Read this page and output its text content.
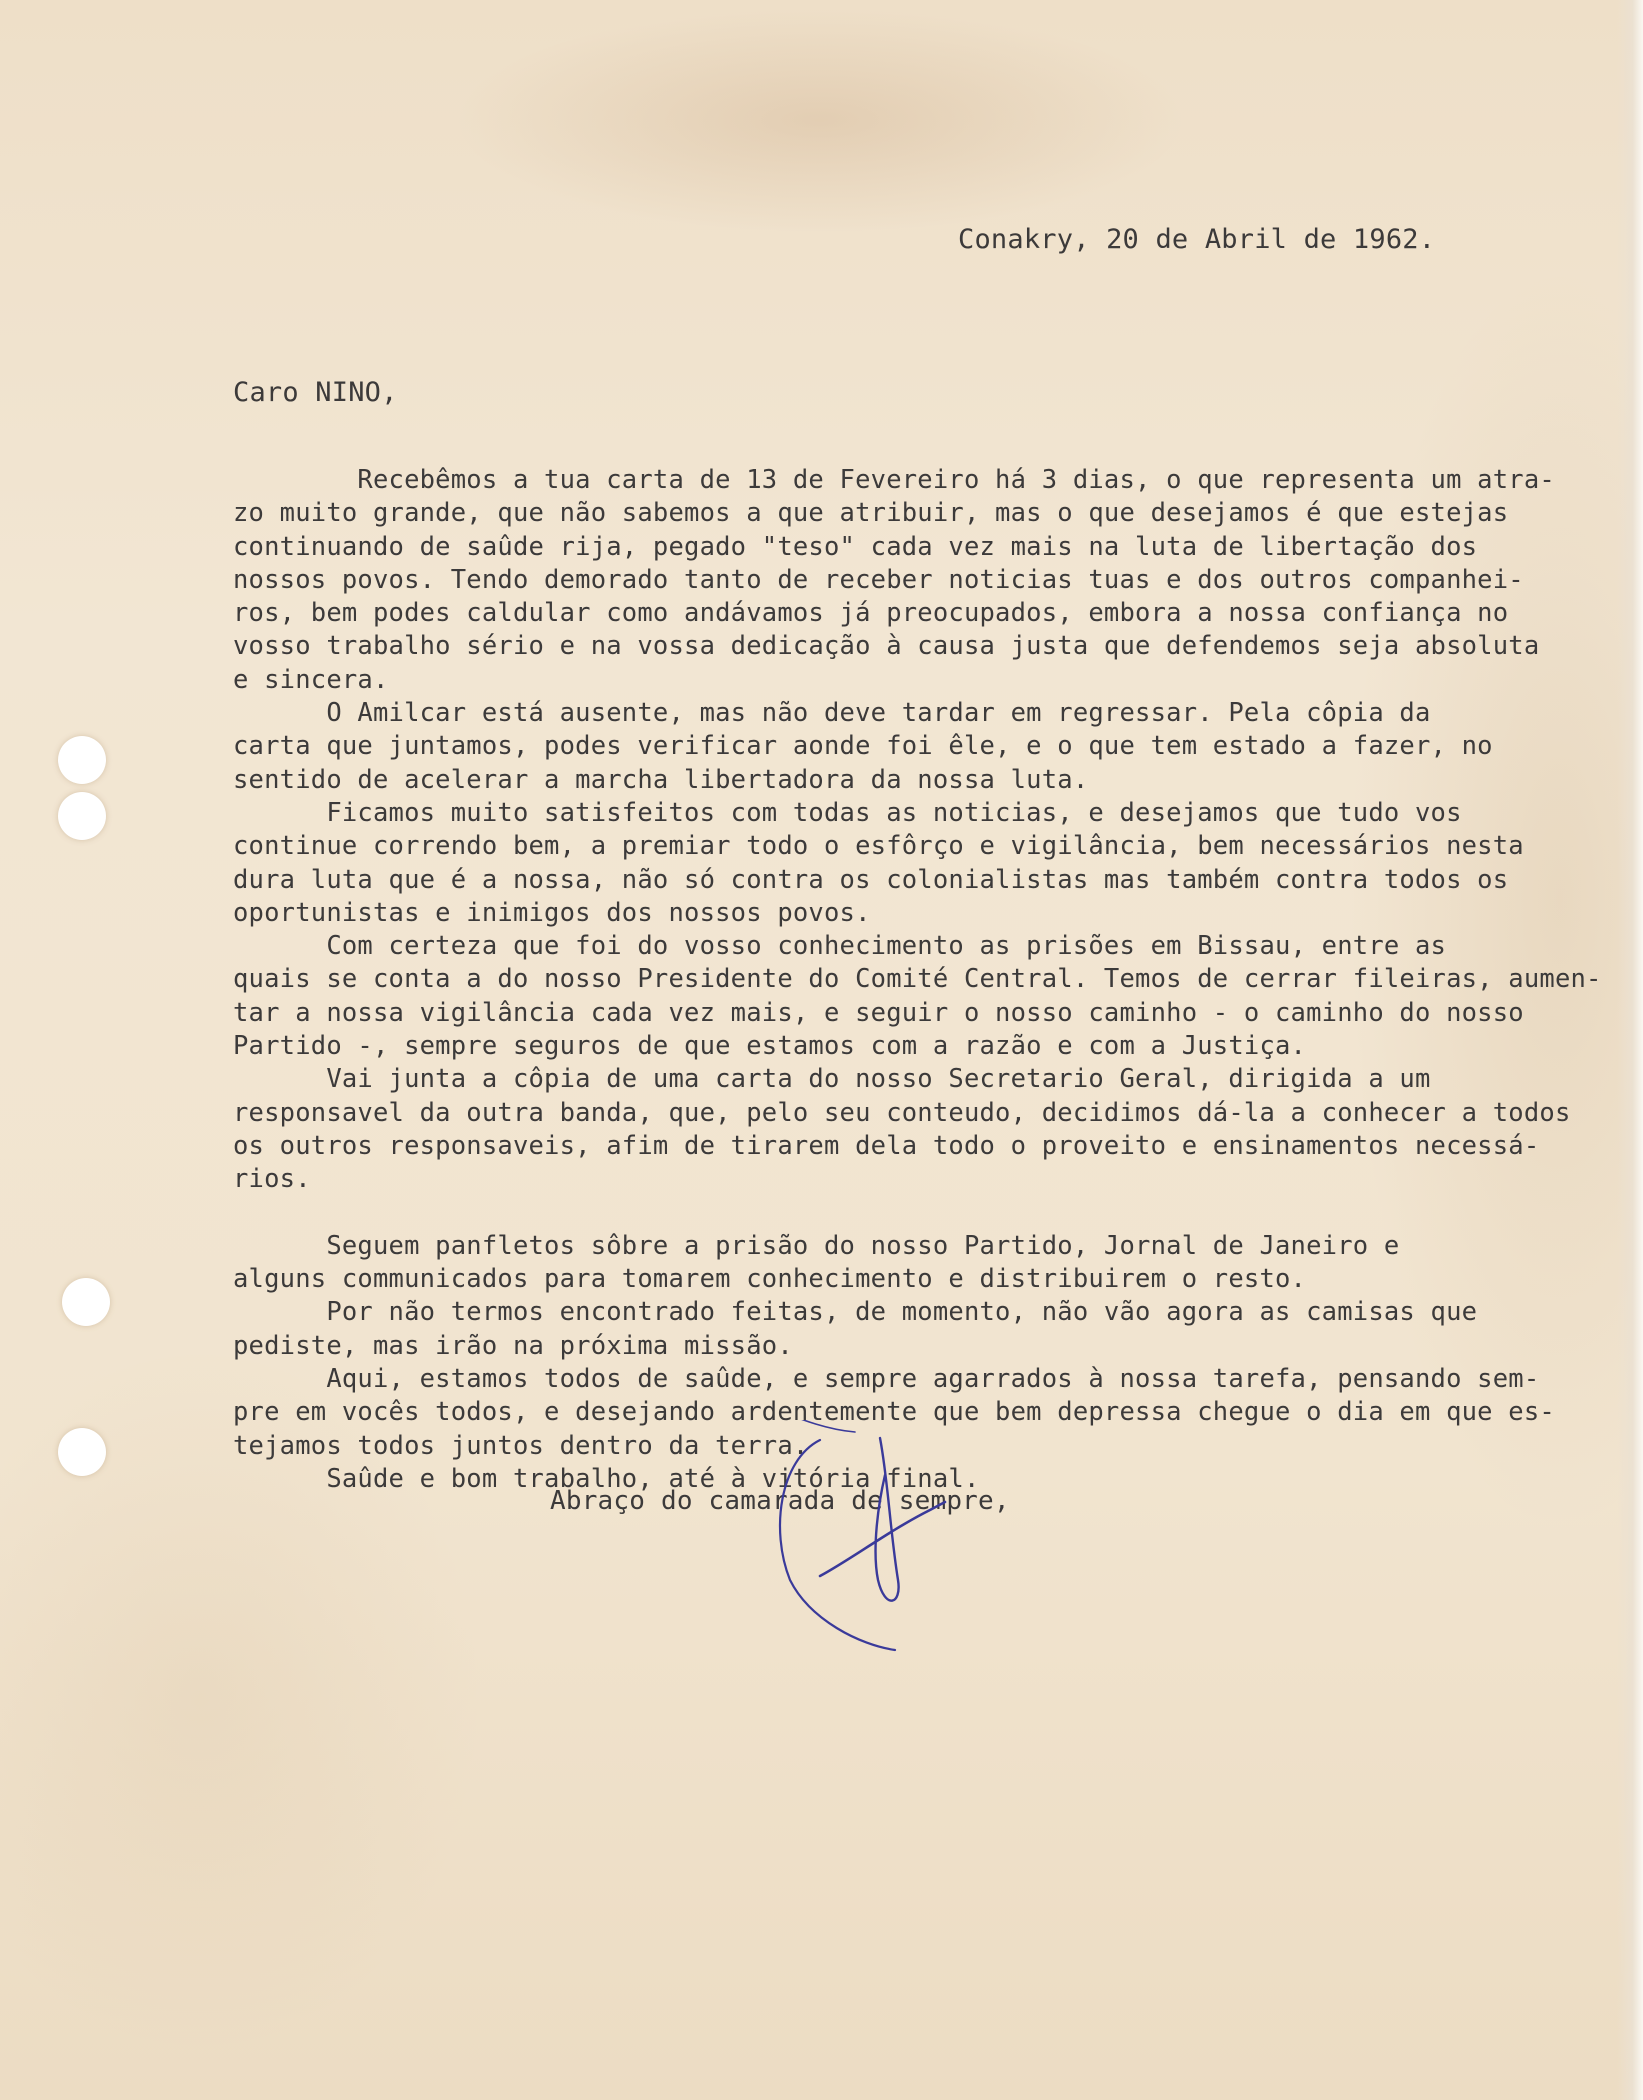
Conakry, 20 de Abril de 1962.
Caro NINO,
Recebêmos a tua carta de 13 de Fevereiro há 3 dias, o que representa um atra-
zo muito grande, que não sabemos a que atribuir, mas o que desejamos é que estejas
continuando de saûde rija, pegado "teso" cada vez mais na luta de libertação dos
nossos povos. Tendo demorado tanto de receber noticias tuas e dos outros companhei-
ros, bem podes caldular como andávamos já preocupados, embora a nossa confiança no
vosso trabalho sério e na vossa dedicação à causa justa que defendemos seja absoluta
e sincera.
O Amilcar está ausente, mas não deve tardar em regressar. Pela côpia da
carta que juntamos, podes verificar aonde foi êle, e o que tem estado a fazer, no
sentido de acelerar a marcha libertadora da nossa luta.
Ficamos muito satisfeitos com todas as noticias, e desejamos que tudo vos
continue correndo bem, a premiar todo o esfôrço e vigilância, bem necessários nesta
dura luta que é a nossa, não só contra os colonialistas mas também contra todos os
oportunistas e inimigos dos nossos povos.
Com certeza que foi do vosso conhecimento as prisões em Bissau, entre as
quais se conta a do nosso Presidente do Comité Central. Temos de cerrar fileiras, aumen-
tar a nossa vigilância cada vez mais, e seguir o nosso caminho - o caminho do nosso
Partido -, sempre seguros de que estamos com a razão e com a Justiça.
Vai junta a côpia de uma carta do nosso Secretario Geral, dirigida a um
responsavel da outra banda, que, pelo seu conteudo, decidimos dá-la a conhecer a todos
os outros responsaveis, afim de tirarem dela todo o proveito e ensinamentos necessá-
rios.
Seguem panfletos sôbre a prisão do nosso Partido, Jornal de Janeiro e
alguns communicados para tomarem conhecimento e distribuirem o resto.
Por não termos encontrado feitas, de momento, não vão agora as camisas que
pediste, mas irão na próxima missão.
Aqui, estamos todos de saûde, e sempre agarrados à nossa tarefa, pensando sem-
pre em vocês todos, e desejando ardentemente que bem depressa chegue o dia em que es-
tejamos todos juntos dentro da terra.
Saûde e bom trabalho, até à vitória final.
Abraço do camarada de sempre,
